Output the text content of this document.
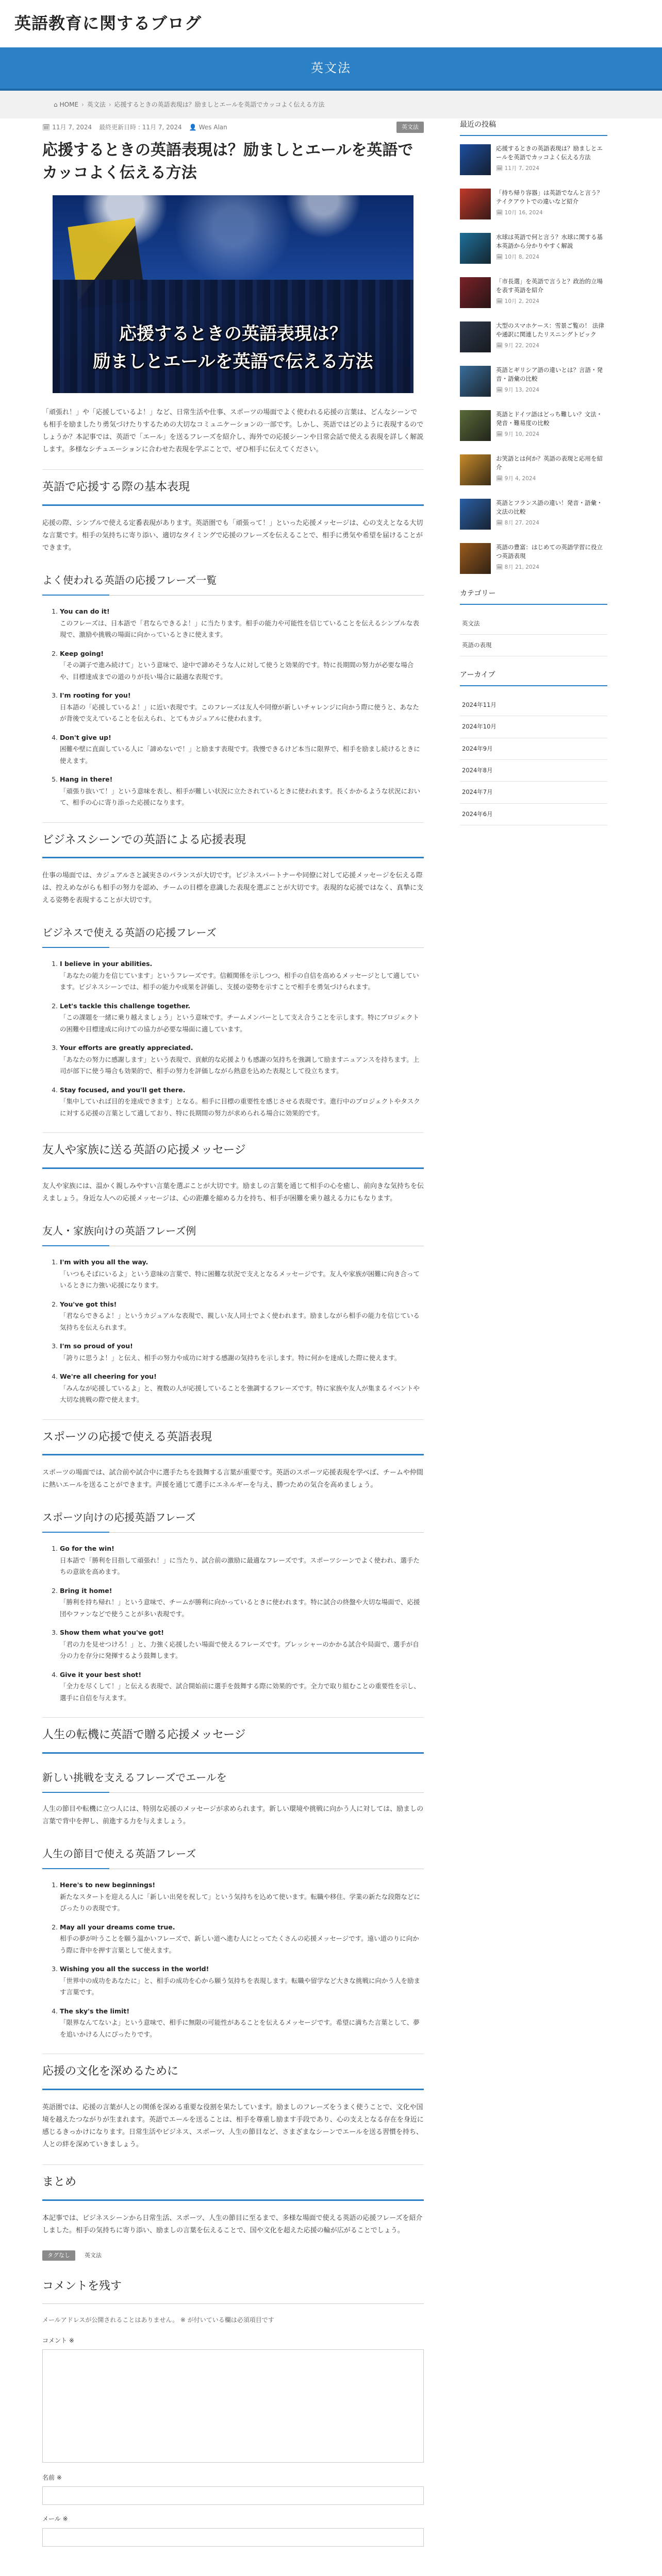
英語教育に関するブログ
英文法
⌂ HOME › 英文法 › 応援するときの英語表現は？励ましとエールを英語でカッコよく伝える方法
🗓 11月 7, 2024 最終更新日時 : 11月 7, 2024 👤 Wes Alan	英文法
応援するときの英語表現は？励ましとエールを英語でカッコよく伝える方法
応援するときの英語表現は？
励ましとエールを英語で伝える方法

「頑張れ！」や「応援しているよ！」など、日常生活や仕事、スポーツの場面でよく使われる応援の言葉は、どんなシーンでも相手を励ましたり勇気づけたりするための大切なコミュニケーションの一部です。しかし、英語ではどのように表現するのでしょうか？本記事では、英語で「エール」を送るフレーズを紹介し、海外での応援シーンや日常会話で使える表現を詳しく解説します。多様なシチュエーションに合わせた表現を学ぶことで、ぜひ相手に伝えてください。

英語で応援する際の基本表現

応援の際、シンプルで使える定番表現があります。英語圏でも「頑張って！」といった応援メッセージは、心の支えとなる大切な言葉です。相手の気持ちに寄り添い、適切なタイミングで応援のフレーズを伝えることで、相手に勇気や希望を届けることができます。

よく使われる英語の応援フレーズ一覧
1. You can do it!
このフレーズは、日本語で「君ならできるよ！」に当たります。相手の能力や可能性を信じていることを伝えるシンプルな表現で、激励や挑戦の場面に向かっているときに使えます。
2. Keep going!
「その調子で進み続けて」という意味で、途中で諦めそうな人に対して使うと効果的です。特に長期間の努力が必要な場合や、目標達成までの道のりが長い場合に最適な表現です。
3. I'm rooting for you!
日本語の「応援しているよ！」に近い表現です。このフレーズは友人や同僚が新しいチャレンジに向かう際に使うと、あなたが背後で支えていることを伝えられ、とてもカジュアルに使われます。
4. Don't give up!
困難や壁に直面している人に「諦めないで！」と励ます表現です。我慢できるけど本当に限界で、相手を励まし続けるときに使えます。
5. Hang in there!
「頑張り抜いて！」という意味を表し、相手が難しい状況に立たされているときに使われます。長くかかるような状況において、相手の心に寄り添った応援になります。
ビジネスシーンでの英語による応援表現

仕事の場面では、カジュアルさと誠実さのバランスが大切です。ビジネスパートナーや同僚に対して応援メッセージを伝える際は、控えめながらも相手の努力を認め、チームの目標を意識した表現を選ぶことが大切です。表現的な応援ではなく、真摯に支える姿勢を表現することが大切です。

ビジネスで使える英語の応援フレーズ
1. I believe in your abilities.
「あなたの能力を信じています」というフレーズです。信頼関係を示しつつ、相手の自信を高めるメッセージとして適しています。ビジネスシーンでは、相手の能力や成果を評価し、支援の姿勢を示すことで相手を勇気づけられます。
2. Let's tackle this challenge together.
「この課題を一緒に乗り越えましょう」という意味です。チームメンバーとして支え合うことを示します。特にプロジェクトの困難や目標達成に向けての協力が必要な場面に適しています。
3. Your efforts are greatly appreciated.
「あなたの努力に感謝します」という表現で、貢献的な応援よりも感謝の気持ちを強調して励ますニュアンスを持ちます。上司が部下に使う場合も効果的で、相手の努力を評価しながら熱意を込めた表現として役立ちます。
4. Stay focused, and you'll get there.
「集中していれば目的を達成できます」となる。相手に目標の重要性を感じさせる表現です。進行中のプロジェクトやタスクに対する応援の言葉として適しており、特に長期間の努力が求められる場合に効果的です。
友人や家族に送る英語の応援メッセージ

友人や家族には、温かく親しみやすい言葉を選ぶことが大切です。励ましの言葉を通じて相手の心を癒し、前向きな気持ちを伝えましょう。身近な人への応援メッセージは、心の距離を縮める力を持ち、相手が困難を乗り越える力にもなります。

友人・家族向けの英語フレーズ例
1. I'm with you all the way.
「いつもそばにいるよ」という意味の言葉で、特に困難な状況で支えとなるメッセージです。友人や家族が困難に向き合っているときに力強い応援になります。
2. You've got this!
「君ならできるよ！」というカジュアルな表現で、親しい友人同士でよく使われます。励ましながら相手の能力を信じている気持ちを伝えられます。
3. I'm so proud of you!
「誇りに思うよ！」と伝え、相手の努力や成功に対する感謝の気持ちを示します。特に何かを達成した際に使えます。
4. We're all cheering for you!
「みんなが応援しているよ」と、複数の人が応援していることを強調するフレーズです。特に家族や友人が集まるイベントや大切な挑戦の際で使えます。
スポーツの応援で使える英語表現

スポーツの場面では、試合前や試合中に選手たちを鼓舞する言葉が重要です。英語のスポーツ応援表現を学べば、チームや仲間に熱いエールを送ることができます。声援を通じて選手にエネルギーを与え、勝つための気合を高めましょう。

スポーツ向けの応援英語フレーズ
1. Go for the win!
日本語で「勝利を目指して頑張れ！」に当たり、試合前の激励に最適なフレーズです。スポーツシーンでよく使われ、選手たちの意欲を高めます。
2. Bring it home!
「勝利を持ち帰れ！」という意味で、チームが勝利に向かっているときに使われます。特に試合の終盤や大切な場面で、応援団やファンなどで使うことが多い表現です。
3. Show them what you've got!
「君の力を見せつけろ！」と、力強く応援したい場面で使えるフレーズです。プレッシャーのかかる試合や局面で、選手が自分の力を存分に発揮するよう鼓舞します。
4. Give it your best shot!
「全力を尽くして！」と伝える表現で、試合開始前に選手を鼓舞する際に効果的です。全力で取り組むことの重要性を示し、選手に自信を与えます。
人生の転機に英語で贈る応援メッセージ
新しい挑戦を支えるフレーズでエールを

人生の節目や転機に立つ人には、特別な応援のメッセージが求められます。新しい環境や挑戦に向かう人に対しては、励ましの言葉で背中を押し、前進する力を与えましょう。

人生の節目で使える英語フレーズ
1. Here's to new beginnings!
新たなスタートを迎える人に「新しい出発を祝して」という気持ちを込めて使います。転職や移住、学業の新たな段階などにぴったりの表現です。
2. May all your dreams come true.
相手の夢が叶うことを願う温かいフレーズで、新しい道へ進む人にとってたくさんの応援メッセージです。遠い道のりに向かう際に背中を押す言葉として使えます。
3. Wishing you all the success in the world!
「世界中の成功をあなたに」と、相手の成功を心から願う気持ちを表現します。転職や留学など大きな挑戦に向かう人を励ます言葉です。
4. The sky's the limit!
「限界なんてないよ」という意味で、相手に無限の可能性があることを伝えるメッセージです。希望に満ちた言葉として、夢を追いかける人にぴったりです。
応援の文化を深めるために

英語圏では、応援の言葉が人との関係を深める重要な役割を果たしています。励ましのフレーズをうまく使うことで、文化や国境を越えたつながりが生まれます。英語でエールを送ることは、相手を尊重し励ます手段であり、心の支えとなる存在を身近に感じるきっかけになります。日常生活やビジネス、スポーツ、人生の節目など、さまざまなシーンでエールを送る習慣を持ち、人との絆を深めていきましょう。

まとめ

本記事では、ビジネスシーンから日常生活、スポーツ、人生の節目に至るまで、多様な場面で使える英語の応援フレーズを紹介しました。相手の気持ちに寄り添い、励ましの言葉を伝えることで、国や文化を超えた応援の輪が広がることでしょう。

タグなし	英文法
コメントを残す
メールアドレスが公開されることはありません。 ※ が付いている欄は必須項目です
コメント ※
名前 ※
メール ※
最近の投稿
応援するときの英語表現は？励ましとエールを英語でカッコよく伝える方法
🗓 11月 7, 2024
「持ち帰り容器」は英語でなんと言う？テイクアウトでの違いなど紹介
🗓 10月 16, 2024
水球は英語で何と言う？水球に関する基本英語から分かりやすく解説
🗓 10月 8, 2024
「市長選」を英語で言うと？政治的立場を表す英語を紹介
🗓 10月 2, 2024
大型のスマホケース：雪景ご覧の！ 法律や通訳に関連したリスニングトピック
🗓 9月 22, 2024
英語とギリシア語の違いとは？言語・発音・語彙の比較
🗓 9月 13, 2024
英語とドイツ語はどっち難しい？文法・発音・難易度の比較
🗓 9月 10, 2024
お笑語とは何か？英語の表現と応用を紹介
🗓 9月 4, 2024
英語とフランス語の違い！発音・語彙・文法の比較
🗓 8月 27, 2024
英語の豊富：はじめての英語学習に役立つ英語表現
🗓 8月 21, 2024
カテゴリー
英文法
英語の表現
アーカイブ
2024年11月
2024年10月
2024年9月
2024年8月
2024年7月
2024年6月
